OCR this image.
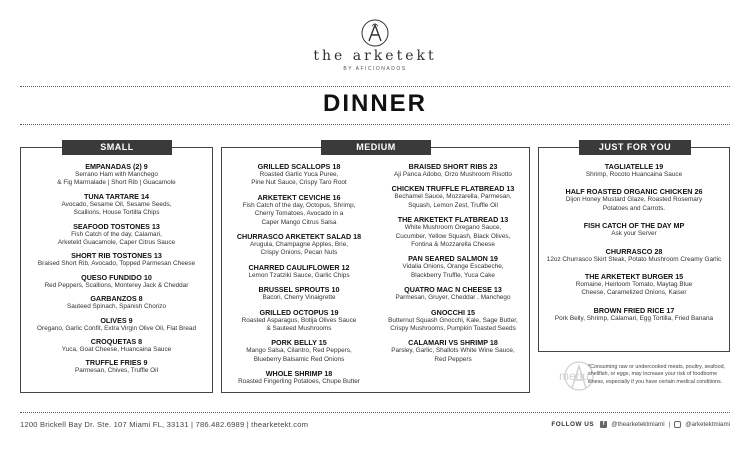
the arketekt
BY AFICIONADOS
DINNER
SMALL
EMPANADAS (2) 9
Serrano Ham with Manchego
& Fig Marmalade | Short Rib | Guacamole
TUNA TARTARE 14
Avocado, Sesame Oil, Sesame Seeds,
Scallions, House Tortilla Chips
SEAFOOD TOSTONES 13
Fish Catch of the day, Calamari,
Arketekt Guacamole, Caper Citrus Sauce
SHORT RIB TOSTONES 13
Braised Short Rib, Avocado, Topped Parmesan Cheese
QUESO FUNDIDO 10
Red Peppers, Scallions, Monterey Jack & Cheddar
GARBANZOS 8
Sauteed Spinach, Spanish Chorizo
OLIVES 9
Oregano, Garlic Confit, Extra Virgin Olive Oil, Flat Bread
CROQUETAS 8
Yuca, Goat Cheese, Huancaina Sauce
TRUFFLE FRIES 9
Parmesan, Chives, Truffle Oil
MEDIUM
GRILLED SCALLOPS 18
Roasted Garlic Yuca Puree,
Pine Nut Sauce, Crispy Taro Root
ARKETEKT CEVICHE 16
Fish Catch of the day, Octopus, Shrimp,
Cherry Tomatoes, Avocado in a
Caper Mango Citrus Salsa
CHURRASCO ARKETEKT SALAD 18
Arugula, Champagne Apples, Brie,
Crispy Onions, Pecan Nuts
CHARRED CAULIFLOWER 12
Lemon Tzatziki Sauce, Garlic Chips
BRUSSEL SPROUTS 10
Bacon, Cherry Vinaigrette
GRILLED OCTOPUS 19
Roasted Asparagus, Botija Olives Sauce
& Sauteed Mushrooms
PORK BELLY 15
Mango Salsa, Cilantro, Red Peppers,
Blueberry Balsamic Red Onions
WHOLE SHRIMP 18
Roasted Fingerling Potatoes, Chupe Butter
BRAISED SHORT RIBS 23
Aji Panca Adobo, Orzo Mushroom Risotto
CHICKEN TRUFFLE FLATBREAD 13
Bechamel Sauce, Mozzarella, Parmesan,
Squash, Lemon Zest, Truffle Oil
THE ARKETEKT FLATBREAD 13
White Mushroom Oregano Sauce,
Cucumber, Yellow Squash, Black Olives,
Fontina & Mozzarella Cheese
PAN SEARED SALMON 19
Vidalia Onions, Orange Escabeche,
Blackberry Truffle, Yuca Cake
QUATRO MAC N CHEESE 13
Parmesan, Gruyer, Cheddar , Manchego
GNOCCHI 15
Butternut Squash Gnocchi, Kale, Sage Butter,
Crispy Mushrooms, Pumpkin Toasted Seeds
CALAMARI VS SHRIMP 18
Parsley, Garlic, Shallots White Wine Sauce,
Red Peppers
JUST FOR YOU
TAGLIATELLE 19
Shrimp, Rocoto Huancaina Sauce
HALF ROASTED ORGANIC CHICKEN 26
Dijon Honey Mustard Glaze, Roasted Rosemary
Potatoes and Carrots.
FISH CATCH OF THE DAY MP
Ask your Server
CHURRASCO 28
12oz Churrasco Skirt Steak, Potato Mushroom Creamy Garlic
THE ARKETEKT BURGER 15
Romaine, Heirloom Tomato, Maytag Blue
Cheese, Caramelized Onions, Kaiser
BROWN FRIED RICE 17
Pork Belly, Shrimp, Calamari, Egg Tortilla, Fried Banana
menu
*Consuming raw or undercooked meats, poultry, seafood, shellfish, or eggs, may increase your risk of foodborne illness, especially if you have certain medical conditions.
1200 Brickell Bay Dr. Ste. 107 Miami FL, 33131 | 786.482.6989 | thearketekt.com	FOLLOW US	f	@thearketektmiami | @arketektmiami
